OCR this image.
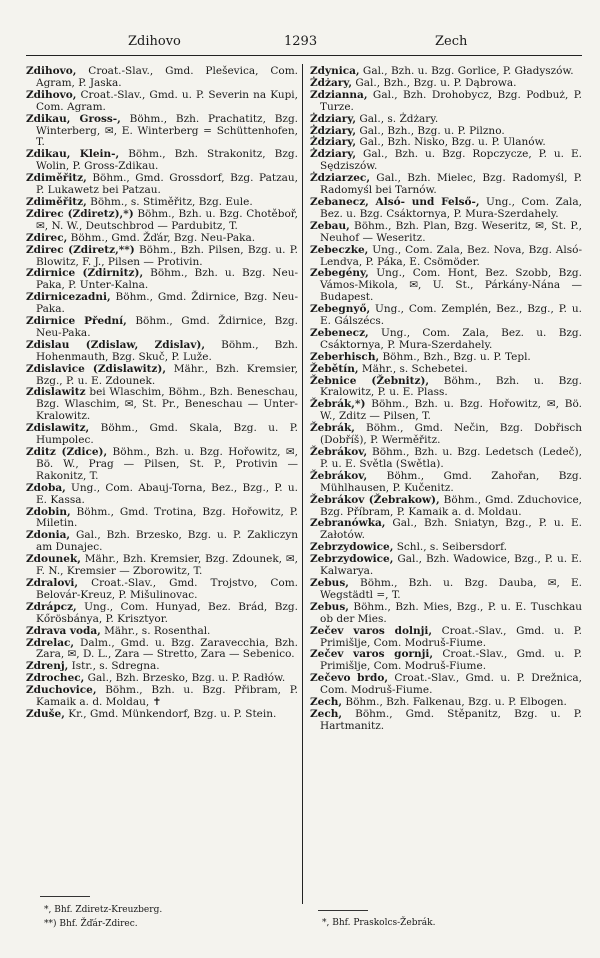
Zdihovo	1293	Zech

Zdihovo, Croat.-Slav., Gmd. Pleševica, Com. Agram, P. Jaska.

Zdihovo, Croat.-Slav., Gmd. u. P. Severin na Kupi, Com. Agram.

Zdikau, Gross-, Böhm., Bzh. Prachatitz, Bzg. Winterberg, ✉, E. Winterberg = Schüttenhofen, T.

Zdikau, Klein-, Böhm., Bzh. Strakonitz, Bzg. Wolin, P. Gross-Zdikau.

Zdiměřitz, Böhm., Gmd. Grossdorf, Bzg. Patzau, P. Lukawetz bei Patzau.

Zdiměřitz, Böhm., s. Stiměřitz, Bzg. Eule.

Zdirec (Zdiretz),*) Böhm., Bzh. u. Bzg. Chotěboř, ✉, N. W., Deutschbrod — Pardubitz, T.

Zdirec, Böhm., Gmd. Žďár, Bzg. Neu-Paka.

Zdirec (Zdiretz,**) Böhm., Bzh. Pilsen, Bzg. u. P. Blowitz, F. J., Pilsen — Protivin.

Zdirnice (Zdirnitz), Böhm., Bzh. u. Bzg. Neu-Paka, P. Unter-Kalna.

Zdirnicezadni, Böhm., Gmd. Ždirnice, Bzg. Neu-Paka.

Zdirnice Přední, Böhm., Gmd. Ždirnice, Bzg. Neu-Paka.

Zdislau (Zdislaw, Zdislav), Böhm., Bzh. Hohenmauth, Bzg. Skuč, P. Luže.

Zdislavice (Zdislawitz), Mähr., Bzh. Kremsier, Bzg., P. u. E. Zdounek.

Zdislawitz bei Wlaschim, Böhm., Bzh. Beneschau, Bzg. Wlaschim, ✉, St. Pr., Beneschau — Unter-Kralowitz.

Zdislawitz, Böhm., Gmd. Skala, Bzg. u. P. Humpolec.

Zditz (Zdice), Böhm., Bzh. u. Bzg. Hořowitz, ✉, Bö. W., Prag — Pilsen, St. P., Protivin — Rakonitz, T.

Zdoba, Ung., Com. Abauj-Torna, Bez., Bzg., P. u. E. Kassa.

Zdobin, Böhm., Gmd. Trotina, Bzg. Hořowitz, P. Miletin.

Zdonia, Gal., Bzh. Brzesko, Bzg. u. P. Zakliczyn am Dunajec.

Zdounek, Mähr., Bzh. Kremsier, Bzg. Zdounek, ✉, F. N., Kremsier — Zborowitz, T.

Zdralovi, Croat.-Slav., Gmd. Trojstvo, Com. Belovár-Kreuz, P. Mišulinovac.

Zdrápcz, Ung., Com. Hunyad, Bez. Brád, Bzg. Kőrösbánya, P. Krisztyor.

Zdrava voda, Mähr., s. Rosenthal.

Zdrelac, Dalm., Gmd. u. Bzg. Zaravecchia, Bzh. Zara, ✉, D. L., Zara — Stretto, Zara — Sebenico.

Zdrenj, Istr., s. Sdregna.

Zdrochec, Gal., Bzh. Brzesko, Bzg. u. P. Radłów.

Zduchovice, Böhm., Bzh. u. Bzg. Přibram, P. Kamaik a. d. Moldau, ✝

Zduše, Kr., Gmd. Münkendorf, Bzg. u. P. Stein.

Zdynica, Gal., Bzh. u. Bzg. Gorlice, P. Gładyszów.

Żdżary, Gal., Bzh., Bzg. u. P. Dąbrowa.

Zdzianna, Gal., Bzh. Drohobycz, Bzg. Podbuż, P. Turze.

Żdziary, Gal., s. Żdżary.

Żdziary, Gal., Bzh., Bzg. u. P. Pilzno.

Żdziary, Gal., Bzh. Nisko, Bzg. u. P. Ulanów.

Żdziary, Gal., Bzh. u. Bzg. Ropczycze, P. u. E. Sędziszów.

Żdziarzec, Gal., Bzh. Mielec, Bzg. Radomyśl, P. Radomyśl bei Tarnów.

Zebanecz, Alsó- und Felső-, Ung., Com. Zala, Bez. u. Bzg. Csáktornya, P. Mura-Szerdahely.

Zebau, Böhm., Bzh. Plan, Bzg. Weseritz, ✉, St. P., Neuhof — Weseritz.

Zebeczke, Ung., Com. Zala, Bez. Nova, Bzg. Alsó-Lendva, P. Páka, E. Csömöder.

Zebegény, Ung., Com. Hont, Bez. Szobb, Bzg. Vámos-Mikola, ✉, U. St., Párkány-Nána — Budapest.

Zebegnyő, Ung., Com. Zemplén, Bez., Bzg., P. u. E. Gálszécs.

Zebenecz, Ung., Com. Zala, Bez. u. Bzg. Csáktornya, P. Mura-Szerdahely.

Zeberhisch, Böhm., Bzh., Bzg. u. P. Tepl.

Žebětín, Mähr., s. Schebetei.

Žebnice (Žebnitz), Böhm., Bzh. u. Bzg. Kralowitz, P. u. E. Plass.

Žebrák,*) Böhm., Bzh. u. Bzg. Hořowitz, ✉, Bö. W., Zditz — Pilsen, T.

Žebrák, Böhm., Gmd. Nečin, Bzg. Dobřisch (Dobříš), P. Werměřitz.

Žebrákov, Böhm., Bzh. u. Bzg. Ledetsch (Ledeč), P. u. E. Světla (Swětla).

Žebrákov, Böhm., Gmd. Zahořan, Bzg. Mühlhausen, P. Kučenitz.

Žebrákov (Žebrakow), Böhm., Gmd. Zduchovice, Bzg. Příbram, P. Kamaik a. d. Moldau.

Zebranówka, Gal., Bzh. Sniatyn, Bzg., P. u. E. Załotów.

Zebrzydowice, Schl., s. Seibersdorf.

Zebrzydowice, Gal., Bzh. Wadowice, Bzg., P. u. E. Kalwarya.

Zebus, Böhm., Bzh. u. Bzg. Dauba, ✉, E. Wegstädtl =, T.

Zebus, Böhm., Bzh. Mies, Bzg., P. u. E. Tuschkau ob der Mies.

Zečev varos dolnji, Croat.-Slav., Gmd. u. P. Primišlje, Com. Modruš-Fiume.

Zečev varos gornji, Croat.-Slav., Gmd. u. P. Primišlje, Com. Modruš-Fiume.

Zečevo brdo, Croat.-Slav., Gmd. u. P. Drežnica, Com. Modruš-Fiume.

Zech, Böhm., Bzh. Falkenau, Bzg. u. P. Elbogen.

Zech, Böhm., Gmd. Stěpanitz, Bzg. u. P. Hartmanitz.

*, Bhf. Zdiretz-Kreuzberg.
**) Bhf. Žďár-Zdirec.	*, Bhf. Praskolcs-Žebrák.
